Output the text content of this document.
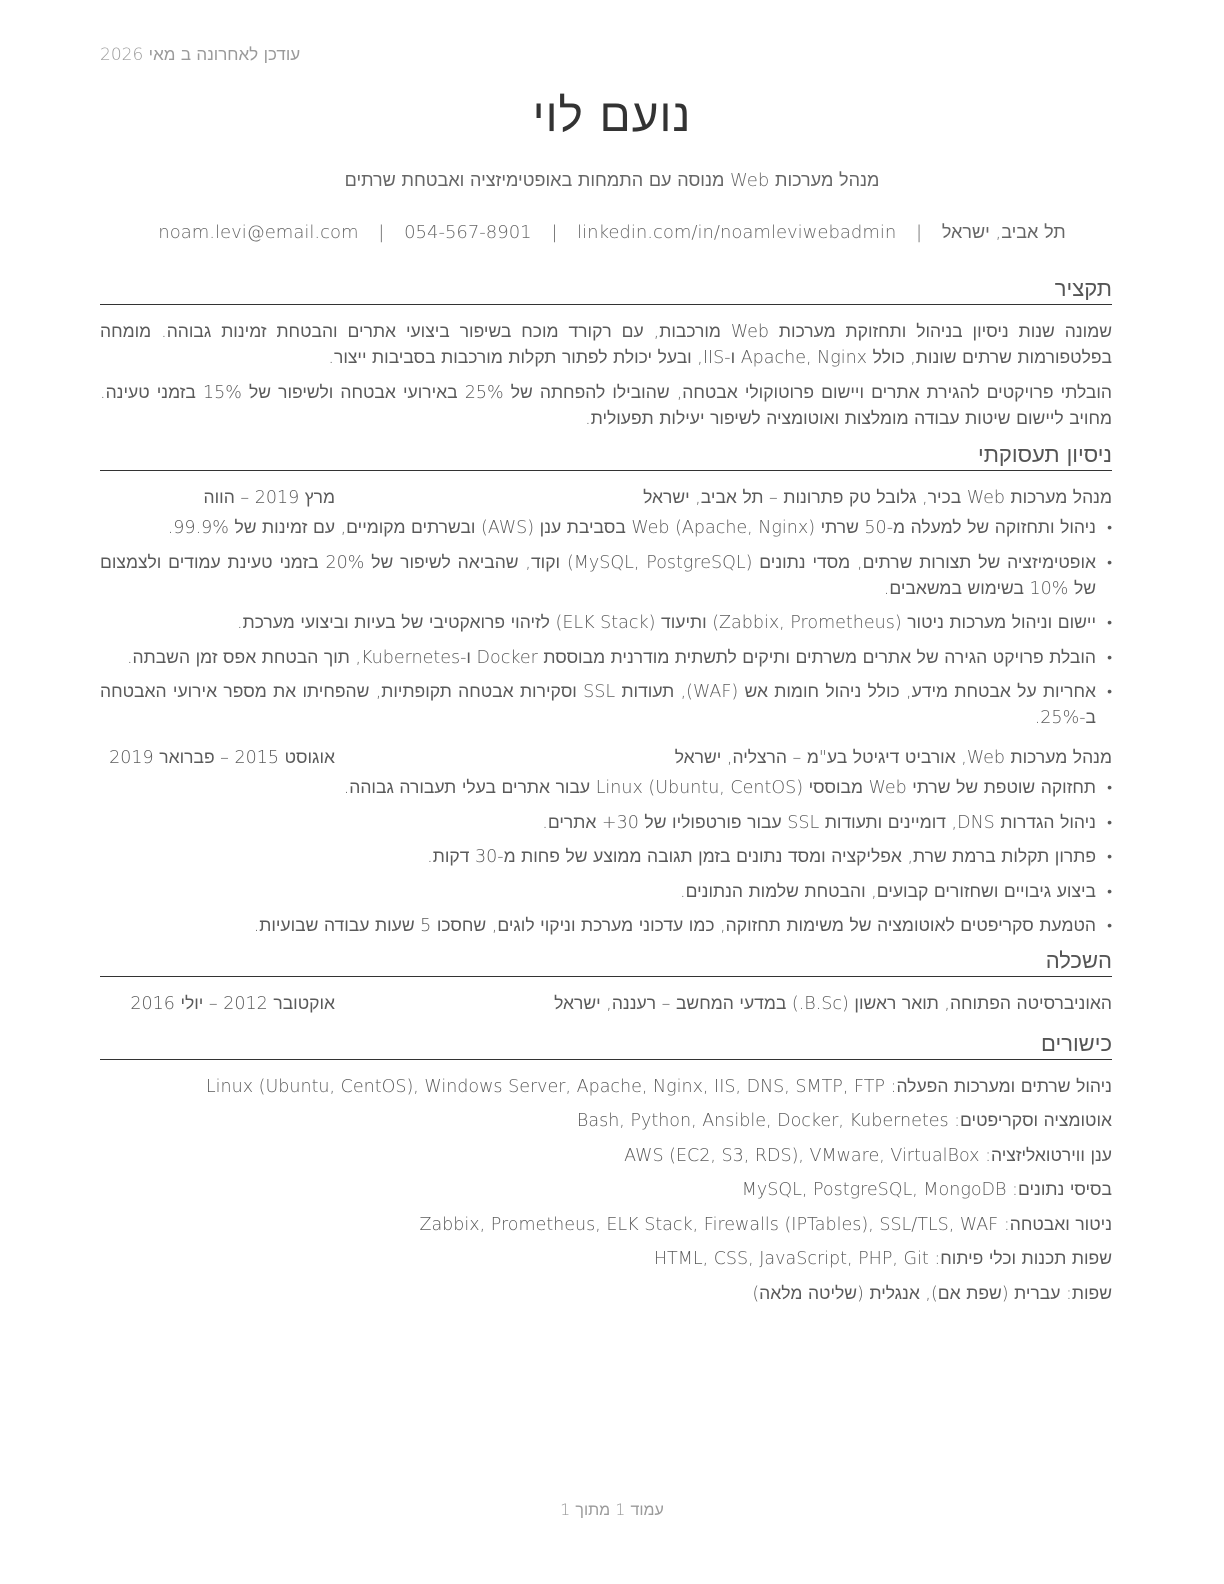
עודכן לאחרונה ב מאי 2026
נועם לוי
מנהל מערכות Web מנוסה עם התמחות באופטימיזציה ואבטחת שרתים
תל אביב, ישראל | noam.levi@email.com | 054-567-8901 | linkedin.com/in/noamleviwebadmin
תקציר

שמונה שנות ניסיון בניהול ותחזוקת מערכות Web מורכבות, עם רקורד מוכח בשיפור ביצועי אתרים והבטחת זמינות גבוהה. מומחה בפלטפורמות שרתים שונות, כולל Apache, Nginx ו-IIS, ובעל יכולת לפתור תקלות מורכבות בסביבות ייצור.

הובלתי פרויקטים להגירת אתרים ויישום פרוטוקולי אבטחה, שהובילו להפחתה של 25% באירועי אבטחה ולשיפור של 15% בזמני טעינה. מחויב ליישום שיטות עבודה מומלצות ואוטומציה לשיפור יעילות תפעולית.

ניסיון תעסוקתי
מנהל מערכות Web בכיר, גלובל טק פתרונות – תל אביב, ישראל
מרץ 2019 – הווה
• ניהול ותחזוקה של למעלה מ-50 שרתי Web (Apache, Nginx) בסביבת ענן (AWS) ובשרתים מקומיים, עם זמינות של 99.9%.
• אופטימיזציה של תצורות שרתים, מסדי נתונים (MySQL, PostgreSQL) וקוד, שהביאה לשיפור של 20% בזמני טעינת עמודים ולצמצום של 10% בשימוש במשאבים.
• יישום וניהול מערכות ניטור (Zabbix, Prometheus) ותיעוד (ELK Stack) לזיהוי פרואקטיבי של בעיות וביצועי מערכת.
• הובלת פרויקט הגירה של אתרים משרתים ותיקים לתשתית מודרנית מבוססת Docker ו-Kubernetes, תוך הבטחת אפס זמן השבתה.
• אחריות על אבטחת מידע, כולל ניהול חומות אש (WAF), תעודות SSL וסקירות אבטחה תקופתיות, שהפחיתו את מספר אירועי האבטחה ב-25%.
מנהל מערכות Web, אורביט דיגיטל בע"מ – הרצליה, ישראל
אוגוסט 2015 – פברואר 2019
• תחזוקה שוטפת של שרתי Web מבוססי Linux (Ubuntu, CentOS) עבור אתרים בעלי תעבורה גבוהה.
• ניהול הגדרות DNS, דומיינים ותעודות SSL עבור פורטפוליו של 30+ אתרים.
• פתרון תקלות ברמת שרת, אפליקציה ומסד נתונים בזמן תגובה ממוצע של פחות מ-30 דקות.
• ביצוע גיבויים ושחזורים קבועים, והבטחת שלמות הנתונים.
• הטמעת סקריפטים לאוטומציה של משימות תחזוקה, כמו עדכוני מערכת וניקוי לוגים, שחסכו 5 שעות עבודה שבועיות.
השכלה
האוניברסיטה הפתוחה, תואר ראשון (B.Sc.) במדעי המחשב – רעננה, ישראל
אוקטובר 2012 – יולי 2016
כישורים
ניהול שרתים ומערכות הפעלה: Linux (Ubuntu, CentOS), Windows Server, Apache, Nginx, IIS, DNS, SMTP, FTP
אוטומציה וסקריפטים: Bash, Python, Ansible, Docker, Kubernetes
ענן ווירטואליזציה: AWS (EC2, S3, RDS), VMware, VirtualBox
בסיסי נתונים: MySQL, PostgreSQL, MongoDB
ניטור ואבטחה: Zabbix, Prometheus, ELK Stack, Firewalls (IPTables), SSL/TLS, WAF
שפות תכנות וכלי פיתוח: HTML, CSS, JavaScript, PHP, Git
שפות: עברית (שפת אם), אנגלית (שליטה מלאה)
עמוד 1 מתוך 1
